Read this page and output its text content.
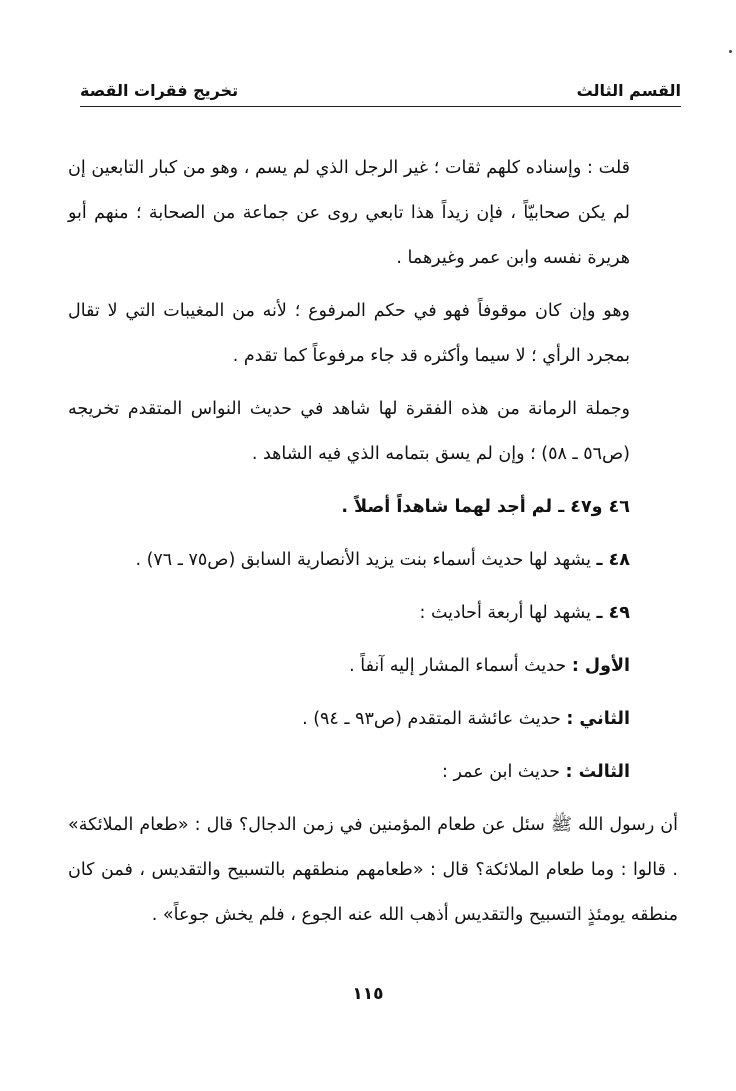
القسم الثالث
تخريج فقرات القصة

قلت : وإسناده كلهم ثقات ؛ غير الرجل الذي لم يسم ، وهو من كبار التابعين إن لم يكن صحابيّاً ، فإن زيداً هذا تابعي روى عن جماعة من الصحابة ؛ منهم أبو هريرة نفسه وابن عمر وغيرهما .

وهو وإن كان موقوفاً فهو في حكم المرفوع ؛ لأنه من المغيبات التي لا تقال بمجرد الرأي ؛ لا سيما وأكثره قد جاء مرفوعاً كما تقدم .

وجملة الرمانة من هذه الفقرة لها شاهد في حديث النواس المتقدم تخريجه (ص٥٦ ـ ٥٨) ؛ وإن لم يسق بتمامه الذي فيه الشاهد .

٤٦ و٤٧ ـ لم أجد لهما شاهداً أصلاً .

٤٨ ـ يشهد لها حديث أسماء بنت يزيد الأنصارية السابق (ص٧٥ ـ ٧٦) .

٤٩ ـ يشهد لها أربعة أحاديث :

الأول : حديث أسماء المشار إليه آنفاً .

الثاني : حديث عائشة المتقدم (ص٩٣ ـ ٩٤) .

الثالث : حديث ابن عمر :

أن رسول الله ﷺ سئل عن طعام المؤمنين في زمن الدجال؟ قال : «طعام الملائكة» . قالوا : وما طعام الملائكة؟ قال : «طعامهم منطقهم بالتسبيح والتقديس ، فمن كان منطقه يومئذٍ التسبيح والتقديس أذهب الله عنه الجوع ، فلم يخش جوعاً» .

١١٥
